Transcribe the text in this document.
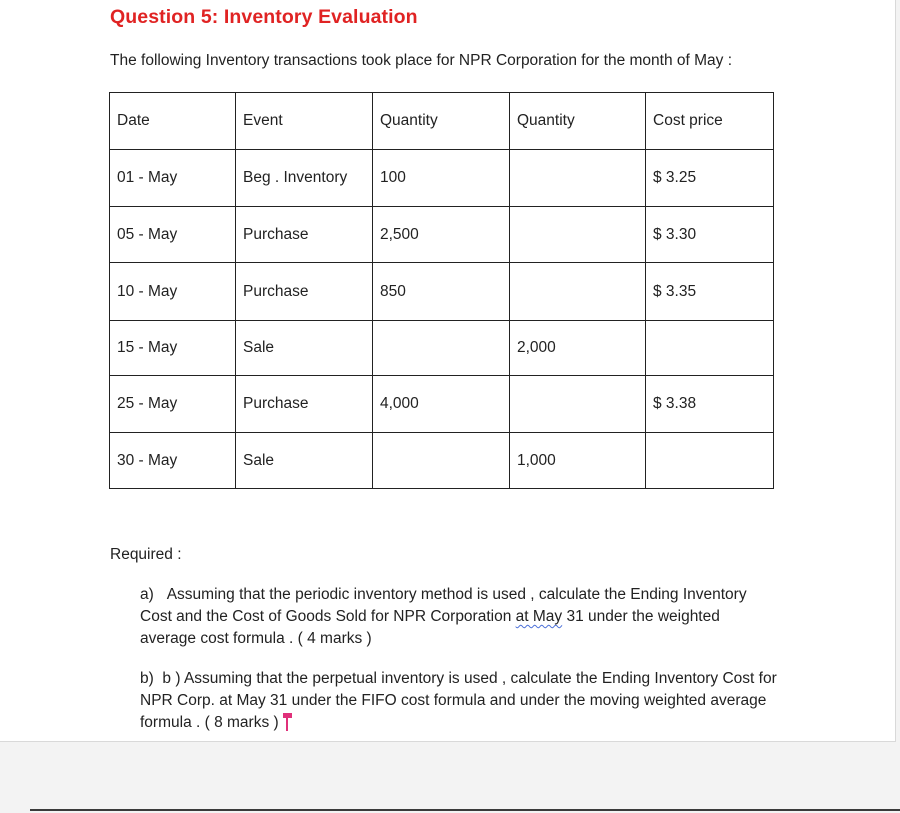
Question 5: Inventory Evaluation
The following Inventory transactions took place for NPR Corporation for the month of May :
Date	Event	Quantity	Quantity	Cost price
01 - May	Beg . Inventory	100		$ 3.25
05 - May	Purchase	2,500		$ 3.30
10 - May	Purchase	850		$ 3.35
15 - May	Sale		2,000	
25 - May	Purchase	4,000		$ 3.38
30 - May	Sale		1,000	
Required :
a) Assuming that the periodic inventory method is used , calculate the Ending Inventory Cost and the Cost of Goods Sold for NPR Corporation at May 31 under the weighted average cost formula . ( 4 marks )
b) b ) Assuming that the perpetual inventory is used , calculate the Ending Inventory Cost for NPR Corp. at May 31 under the FIFO cost formula and under the moving weighted average formula . ( 8 marks )
